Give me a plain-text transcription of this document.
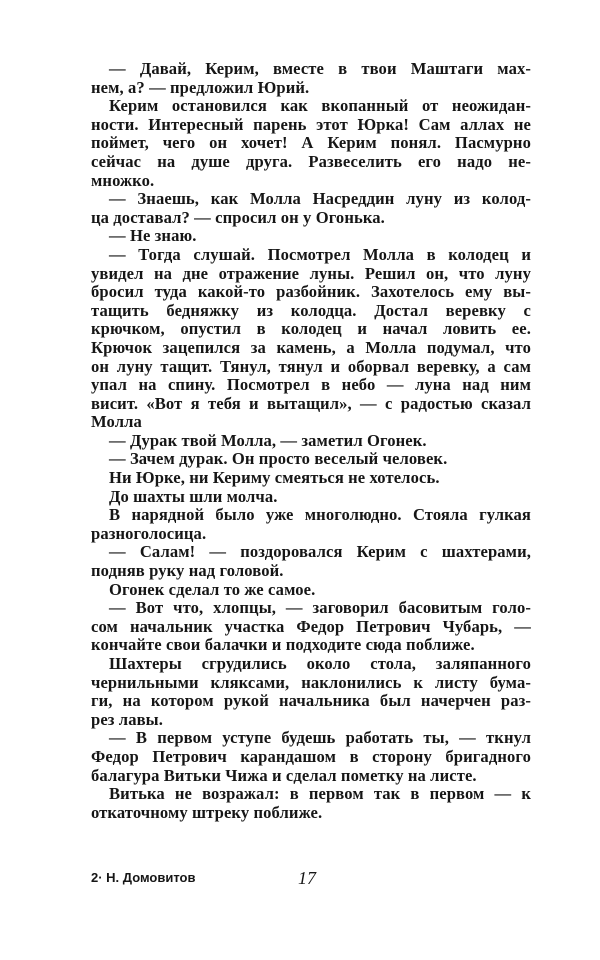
— Давай, Керим, вместе в твои Маштаги мах-
нем, а? — предложил Юрий.
Керим остановился как вкопанный от неожидан-
ности. Интересный парень этот Юрка! Сам аллах не
поймет, чего он хочет! А Керим понял. Пасмурно
сейчас на душе друга. Развеселить его надо не-
множко.
— Знаешь, как Молла Насреддин луну из колод-
ца доставал? — спросил он у Огонька.
— Не знаю.
— Тогда слушай. Посмотрел Молла в колодец и
увидел на дне отражение луны. Решил он, что луну
бросил туда какой-то разбойник. Захотелось ему вы-
тащить бедняжку из колодца. Достал веревку с
крючком, опустил в колодец и начал ловить ее.
Крючок зацепился за камень, а Молла подумал, что
он луну тащит. Тянул, тянул и оборвал веревку, а сам
упал на спину. Посмотрел в небо — луна над ним
висит. «Вот я тебя и вытащил», — с радостью сказал
Молла
— Дурак твой Молла, — заметил Огонек.
— Зачем дурак. Он просто веселый человек.
Ни Юрке, ни Кериму смеяться не хотелось.
До шахты шли молча.
В нарядной было уже многолюдно. Стояла гулкая
разноголосица.
— Салам! — поздоровался Керим с шахтерами,
подняв руку над головой.
Огонек сделал то же самое.
— Вот что, хлопцы, — заговорил басовитым голо-
сом начальник участка Федор Петрович Чубарь, —
кончайте свои балачки и подходите сюда поближе.
Шахтеры сгрудились около стола, заляпанного
чернильными кляксами, наклонились к листу бума-
ги, на котором рукой начальника был начерчен раз-
рез лавы.
— В первом уступе будешь работать ты, — ткнул
Федор Петрович карандашом в сторону бригадного
балагура Витьки Чижа и сделал пометку на листе.
Витька не возражал: в первом так в первом — к
откаточному штреку поближе.
2· Н. Домовитов	17
